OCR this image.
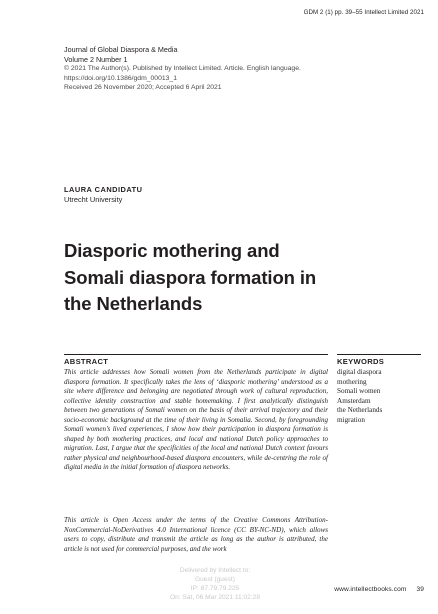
GDM 2 (1) pp. 39–55 Intellect Limited 2021
Journal of Global Diaspora & Media
Volume 2 Number 1
© 2021 The Author(s). Published by Intellect Limited. Article. English language.
https://doi.org/10.1386/gdm_00013_1
Received 26 November 2020; Accepted 6 April 2021
LAURA CANDIDATU
Utrecht University
Diasporic mothering and
Somali diaspora formation in
the Netherlands
ABSTRACT	KEYWORDS

This article addresses how Somali women from the Netherlands participate in digital diaspora formation. It specifically takes the lens of ‘diasporic mothering’ understood as a site where difference and belonging are negotiated through work of cultural reproduction, collective identity construction and stable homemaking. I first analytically distinguish between two generations of Somali women on the basis of their arrival trajectory and their socio-economic background at the time of their living in Somalia. Second, by foregrounding Somali women’s lived experiences, I show how their participation in diaspora formation is shaped by both mothering practices, and local and national Dutch policy approaches to migration. Last, I argue that the specificities of the local and national Dutch context favours rather physical and neighbourhood-based diaspora encounters, while de-centring the role of digital media in the initial formation of diaspora networks.

digital diaspora
mothering
Somali women
Amsterdam
the Netherlands
migration

This article is Open Access under the terms of the Creative Commons Attribution-NonCommercial-NoDerivatives 4.0 International licence (CC BY-NC-ND), which allows users to copy, distribute and transmit the article as long as the author is attributed, the article is not used for commercial purposes, and the work

Delivered by Intellect to:
Guest (guest)
IP: 87.79.79.225
On: Sat, 06 Mar 2021 11:02:28
www.intellectbooks.com 39
